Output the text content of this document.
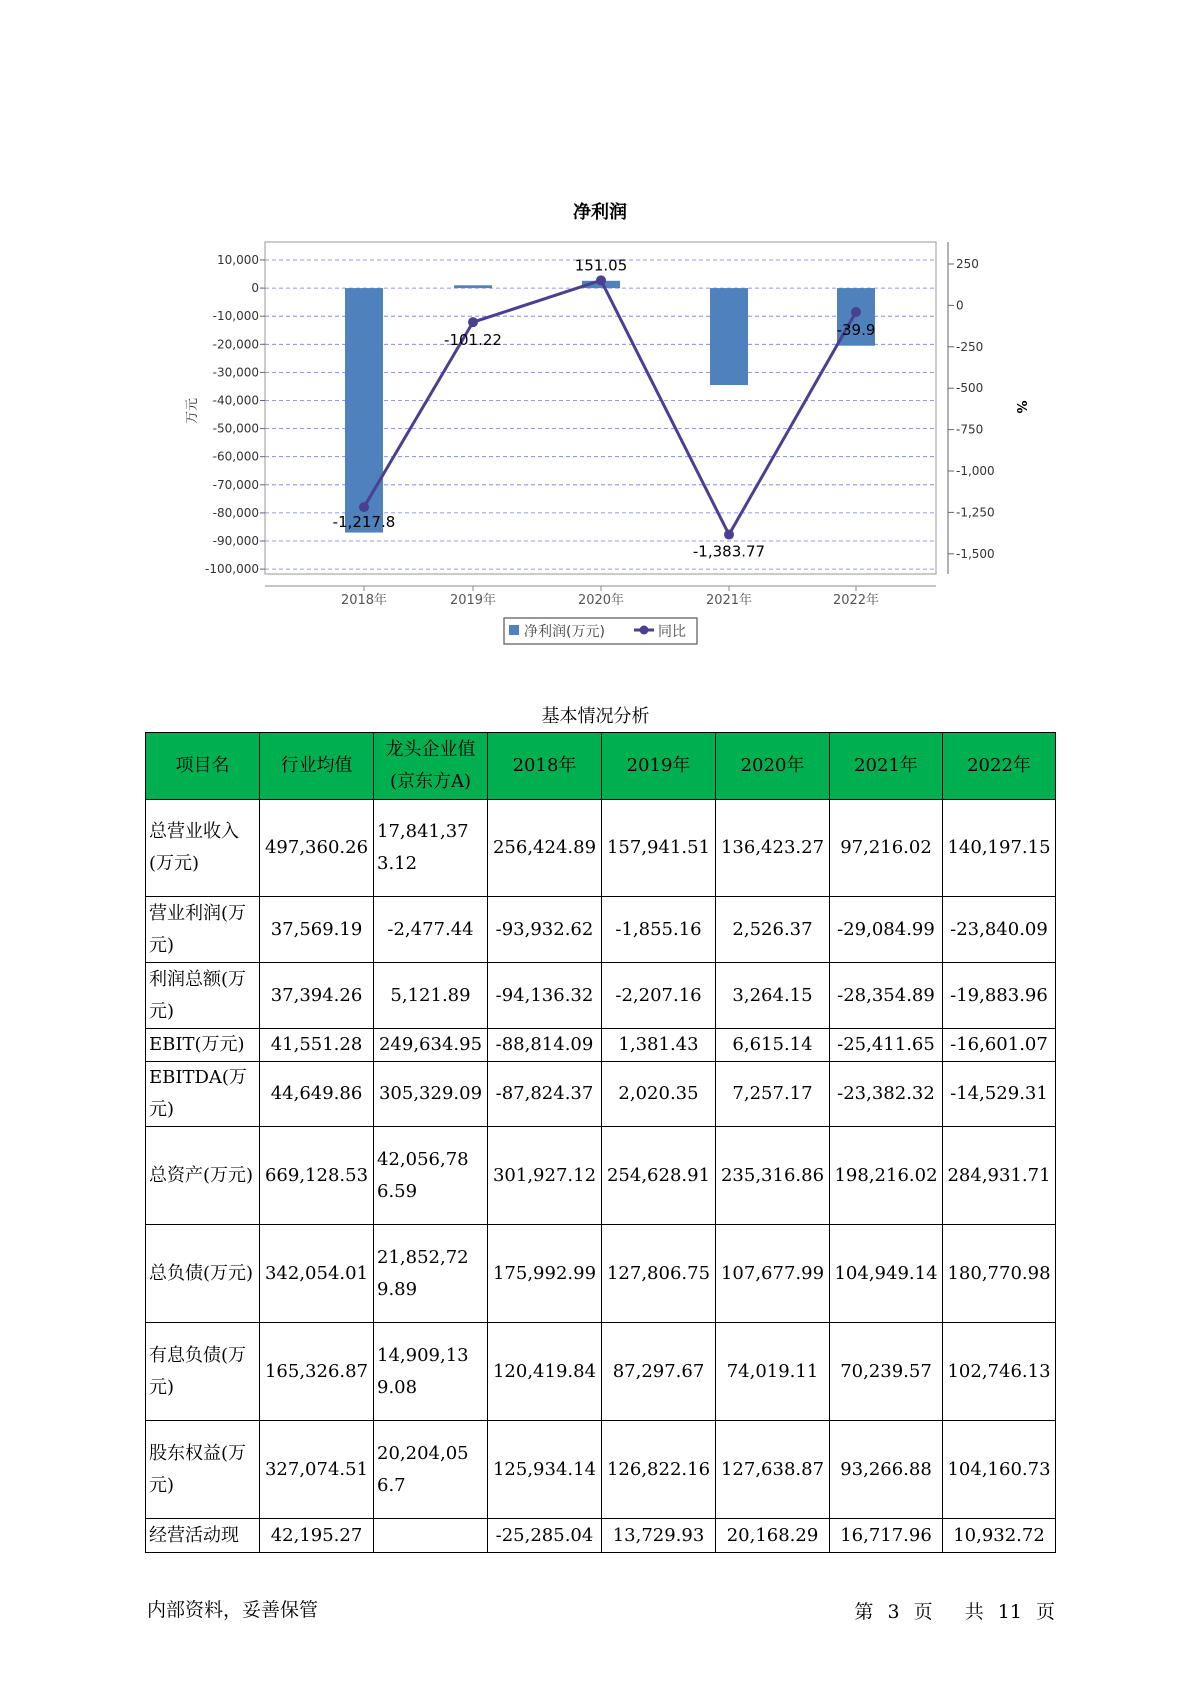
净利润
10,000
0
-10,000
-20,000
-30,000
-40,000
-50,000
-60,000
-70,000
-80,000
-90,000
-100,000
250
0
-250
-500
-750
-1,000
-1,250
-1,500
-1,217.8
-101.22
151.05
-1,383.77
-39.9
2018年	2019年	2020年	2021年	2022年
万元	%
净利润(万元)	同比
基本情况分析
项目名	行业均值	龙头企业值(京东方A)	2018年	2019年	2020年	2021年	2022年
总营业收入(万元)	497,360.26	17,841,373.12	256,424.89	157,941.51	136,423.27	97,216.02	140,197.15
营业利润(万元)	37,569.19	-2,477.44	-93,932.62	-1,855.16	2,526.37	-29,084.99	-23,840.09
利润总额(万元)	37,394.26	5,121.89	-94,136.32	-2,207.16	3,264.15	-28,354.89	-19,883.96
EBIT(万元)	41,551.28	249,634.95	-88,814.09	1,381.43	6,615.14	-25,411.65	-16,601.07
EBITDA(万元)	44,649.86	305,329.09	-87,824.37	2,020.35	7,257.17	-23,382.32	-14,529.31
总资产(万元)	669,128.53	42,056,786.59	301,927.12	254,628.91	235,316.86	198,216.02	284,931.71
总负债(万元)	342,054.01	21,852,729.89	175,992.99	127,806.75	107,677.99	104,949.14	180,770.98
有息负债(万元)	165,326.87	14,909,139.08	120,419.84	87,297.67	74,019.11	70,239.57	102,746.13
股东权益(万元)	327,074.51	20,204,056.7	125,934.14	126,822.16	127,638.87	93,266.88	104,160.73
经营活动现	42,195.27		-25,285.04	13,729.93	20,168.29	16,717.96	10,932.72
内部资料，妥善保管	第 3 页 共 11 页
